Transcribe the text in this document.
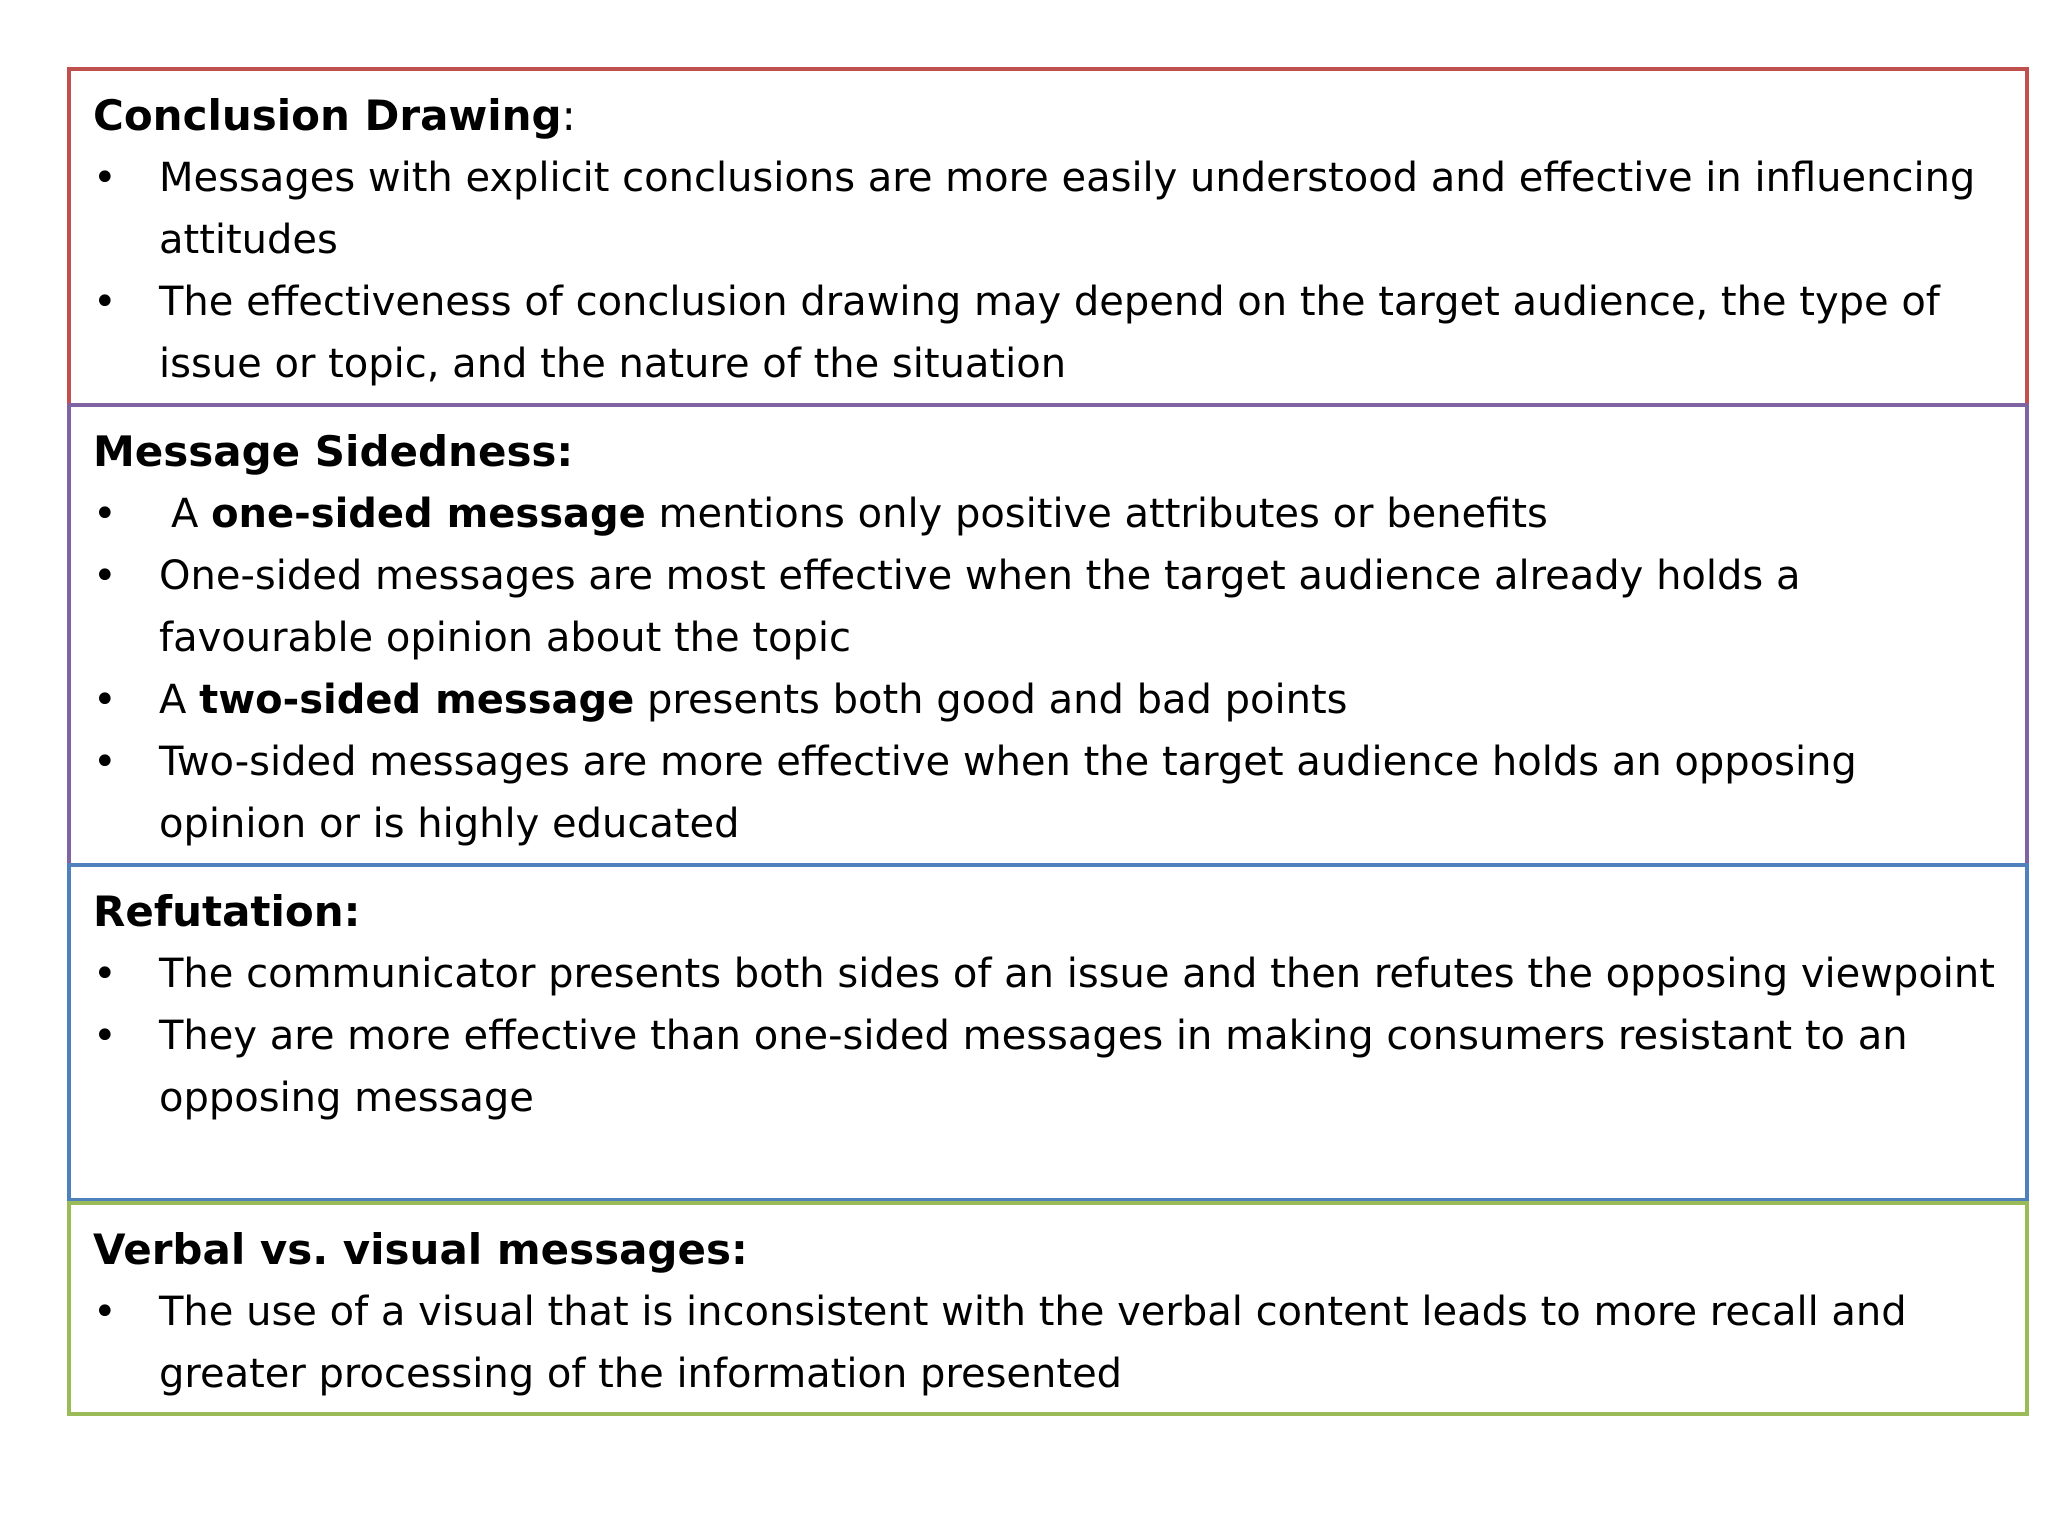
Conclusion Drawing:
• Messages with explicit conclusions are more easily understood and effective in influencing attitudes
• The effectiveness of conclusion drawing may depend on the target audience, the type of issue or topic, and the nature of the situation
Message Sidedness:
• A one-sided message mentions only positive attributes or benefits
• One-sided messages are most effective when the target audience already holds a favourable opinion about the topic
• A two-sided message presents both good and bad points
• Two-sided messages are more effective when the target audience holds an opposing opinion or is highly educated
Refutation:
• The communicator presents both sides of an issue and then refutes the opposing viewpoint
• They are more effective than one-sided messages in making consumers resistant to an opposing message
Verbal vs. visual messages:
• The use of a visual that is inconsistent with the verbal content leads to more recall and greater processing of the information presented
